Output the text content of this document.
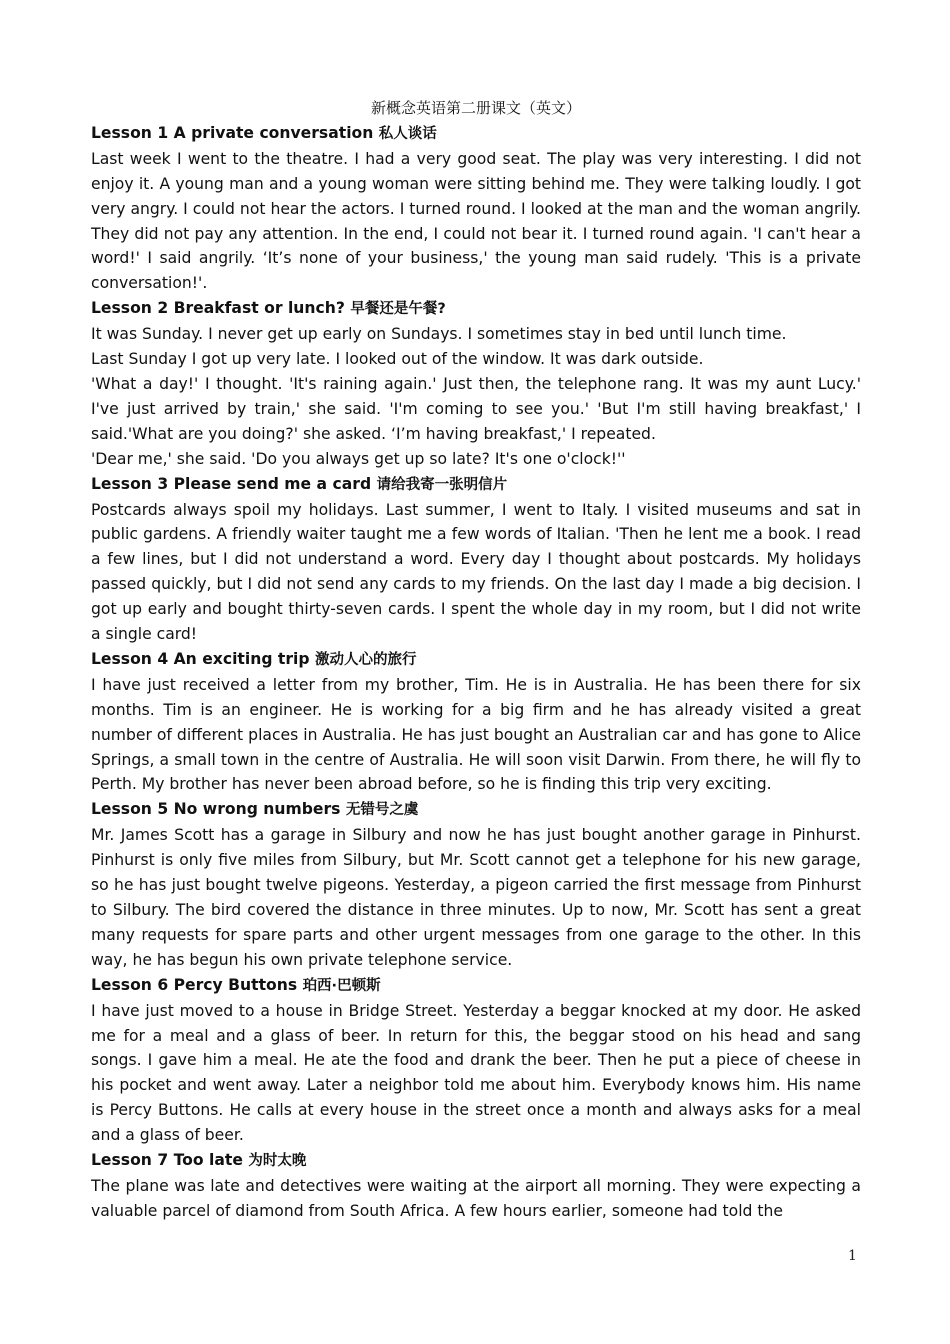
新概念英语第二册课文（英文）

Lesson 1 A private conversation 私人谈话

Last week I went to the theatre. I had a very good seat. The play was very interesting. I did not enjoy it. A young man and a young woman were sitting behind me. They were talking loudly. I got very angry. I could not hear the actors. I turned round. I looked at the man and the woman angrily. They did not pay any attention. In the end, I could not bear it. I turned round again. 'I can't hear a word!' I said angrily. ‘It’s none of your business,' the young man said rudely. 'This is a private conversation!'.

Lesson 2 Breakfast or lunch? 早餐还是午餐?

It was Sunday. I never get up early on Sundays. I sometimes stay in bed until lunch time.

Last Sunday I got up very late. I looked out of the window. It was dark outside.

'What a day!' I thought. 'It's raining again.' Just then, the telephone rang. It was my aunt Lucy.' I've just arrived by train,' she said. 'I'm coming to see you.' 'But I'm still having breakfast,' I said.'What are you doing?' she asked. ‘I’m having breakfast,' I repeated.

'Dear me,' she said. 'Do you always get up so late? It's one o'clock!''

Lesson 3 Please send me a card 请给我寄一张明信片

Postcards always spoil my holidays. Last summer, I went to Italy. I visited museums and sat in public gardens. A friendly waiter taught me a few words of Italian. 'Then he lent me a book. I read a few lines, but I did not understand a word. Every day I thought about postcards. My holidays passed quickly, but I did not send any cards to my friends. On the last day I made a big decision. I got up early and bought thirty-seven cards. I spent the whole day in my room, but I did not write a single card!

Lesson 4 An exciting trip 激动人心的旅行

I have just received a letter from my brother, Tim. He is in Australia. He has been there for six months. Tim is an engineer. He is working for a big firm and he has already visited a great number of different places in Australia. He has just bought an Australian car and has gone to Alice Springs, a small town in the centre of Australia. He will soon visit Darwin. From there, he will fly to Perth. My brother has never been abroad before, so he is finding this trip very exciting.

Lesson 5 No wrong numbers 无错号之虞

Mr. James Scott has a garage in Silbury and now he has just bought another garage in Pinhurst. Pinhurst is only five miles from Silbury, but Mr. Scott cannot get a telephone for his new garage, so he has just bought twelve pigeons. Yesterday, a pigeon carried the first message from Pinhurst to Silbury. The bird covered the distance in three minutes. Up to now, Mr. Scott has sent a great many requests for spare parts and other urgent messages from one garage to the other. In this way, he has begun his own private telephone service.

Lesson 6 Percy Buttons 珀西·巴顿斯

I have just moved to a house in Bridge Street. Yesterday a beggar knocked at my door. He asked me for a meal and a glass of beer. In return for this, the beggar stood on his head and sang songs. I gave him a meal. He ate the food and drank the beer. Then he put a piece of cheese in his pocket and went away. Later a neighbor told me about him. Everybody knows him. His name is Percy Buttons. He calls at every house in the street once a month and always asks for a meal and a glass of beer.

Lesson 7 Too late 为时太晚

The plane was late and detectives were waiting at the airport all morning. They were expecting a valuable parcel of diamond from South Africa. A few hours earlier, someone had told the

1
